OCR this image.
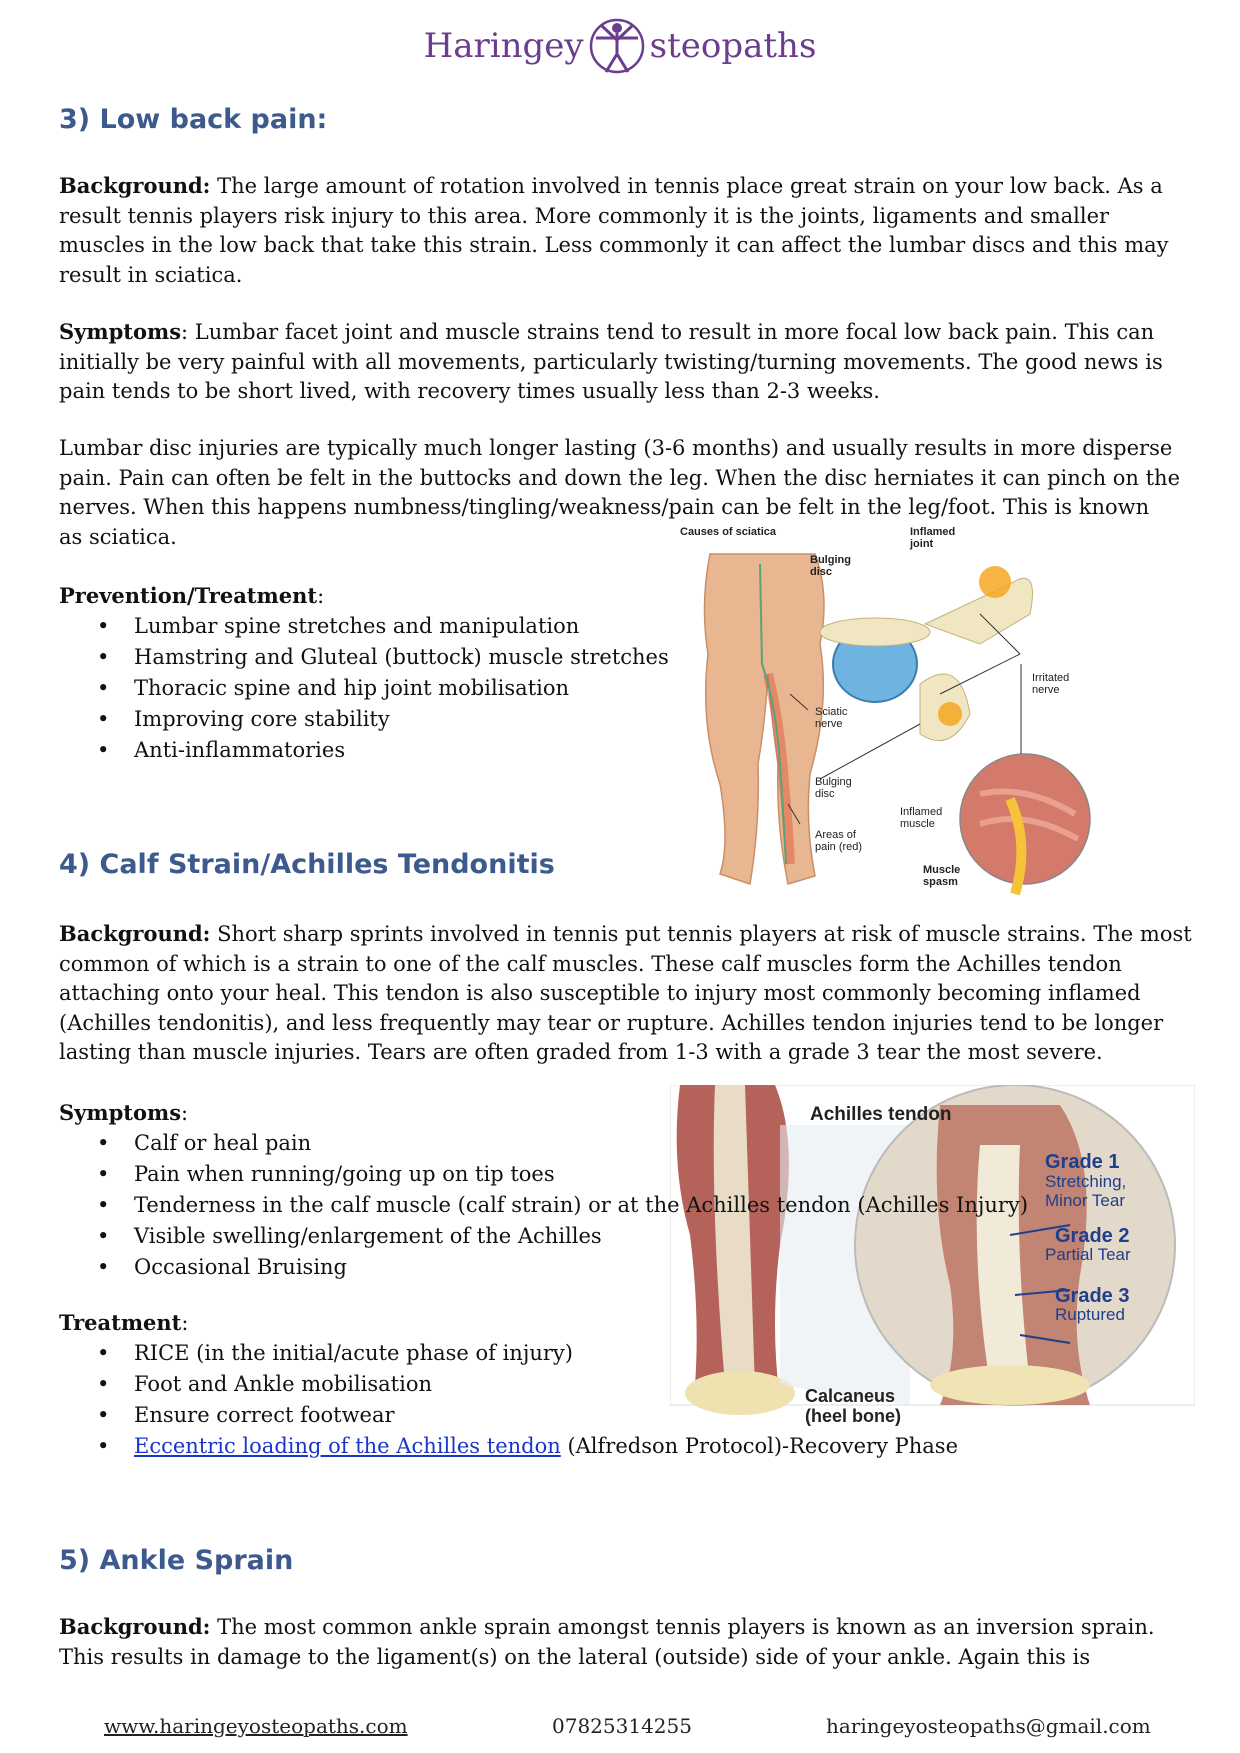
Haringey steopaths
3) Low back pain:

Background: The large amount of rotation involved in tennis place great strain on your low back. As a
result tennis players risk injury to this area. More commonly it is the joints, ligaments and smaller
muscles in the low back that take this strain. Less commonly it can affect the lumbar discs and this may
result in sciatica.

Symptoms: Lumbar facet joint and muscle strains tend to result in more focal low back pain. This can
initially be very painful with all movements, particularly twisting/turning movements. The good news is
pain tends to be short lived, with recovery times usually less than 2-3 weeks.

Lumbar disc injuries are typically much longer lasting (3-6 months) and usually results in more disperse
pain. Pain can often be felt in the buttocks and down the leg. When the disc herniates it can pinch on the
nerves. When this happens numbness/tingling/weakness/pain can be felt in the leg/foot. This is known
as sciatica.

Prevention/Treatment:

• Lumbar spine stretches and manipulation
• Hamstring and Gluteal (buttock) muscle stretches
• Thoracic spine and hip joint mobilisation
• Improving core stability
• Anti-inflammatories
Causes of sciatica	Inflamed joint
Bulging disc
Irritated nerve
Sciatic nerve
Bulging disc
Inflamed muscle
Areas of pain (red)
Muscle spasm
4) Calf Strain/Achilles Tendonitis

Background: Short sharp sprints involved in tennis put tennis players at risk of muscle strains. The most
common of which is a strain to one of the calf muscles. These calf muscles form the Achilles tendon
attaching onto your heal. This tendon is also susceptible to injury most commonly becoming inflamed
(Achilles tendonitis), and less frequently may tear or rupture. Achilles tendon injuries tend to be longer
lasting than muscle injuries. Tears are often graded from 1-3 with a grade 3 tear the most severe.

Achilles tendon
Grade 1
Stretching, Minor Tear
Grade 2
Partial Tear
Grade 3
Ruptured
Calcaneus (heel bone)

Symptoms:

• Calf or heal pain
• Pain when running/going up on tip toes
• Tenderness in the calf muscle (calf strain) or at the Achilles tendon (Achilles Injury)
• Visible swelling/enlargement of the Achilles
• Occasional Bruising

Treatment:

• RICE (in the initial/acute phase of injury)
• Foot and Ankle mobilisation
• Ensure correct footwear
• Eccentric loading of the Achilles tendon (Alfredson Protocol)-Recovery Phase
5) Ankle Sprain

Background: The most common ankle sprain amongst tennis players is known as an inversion sprain.
This results in damage to the ligament(s) on the lateral (outside) side of your ankle. Again this is

www.haringeyosteopaths.com	07825314255	haringeyosteopaths@gmail.com
